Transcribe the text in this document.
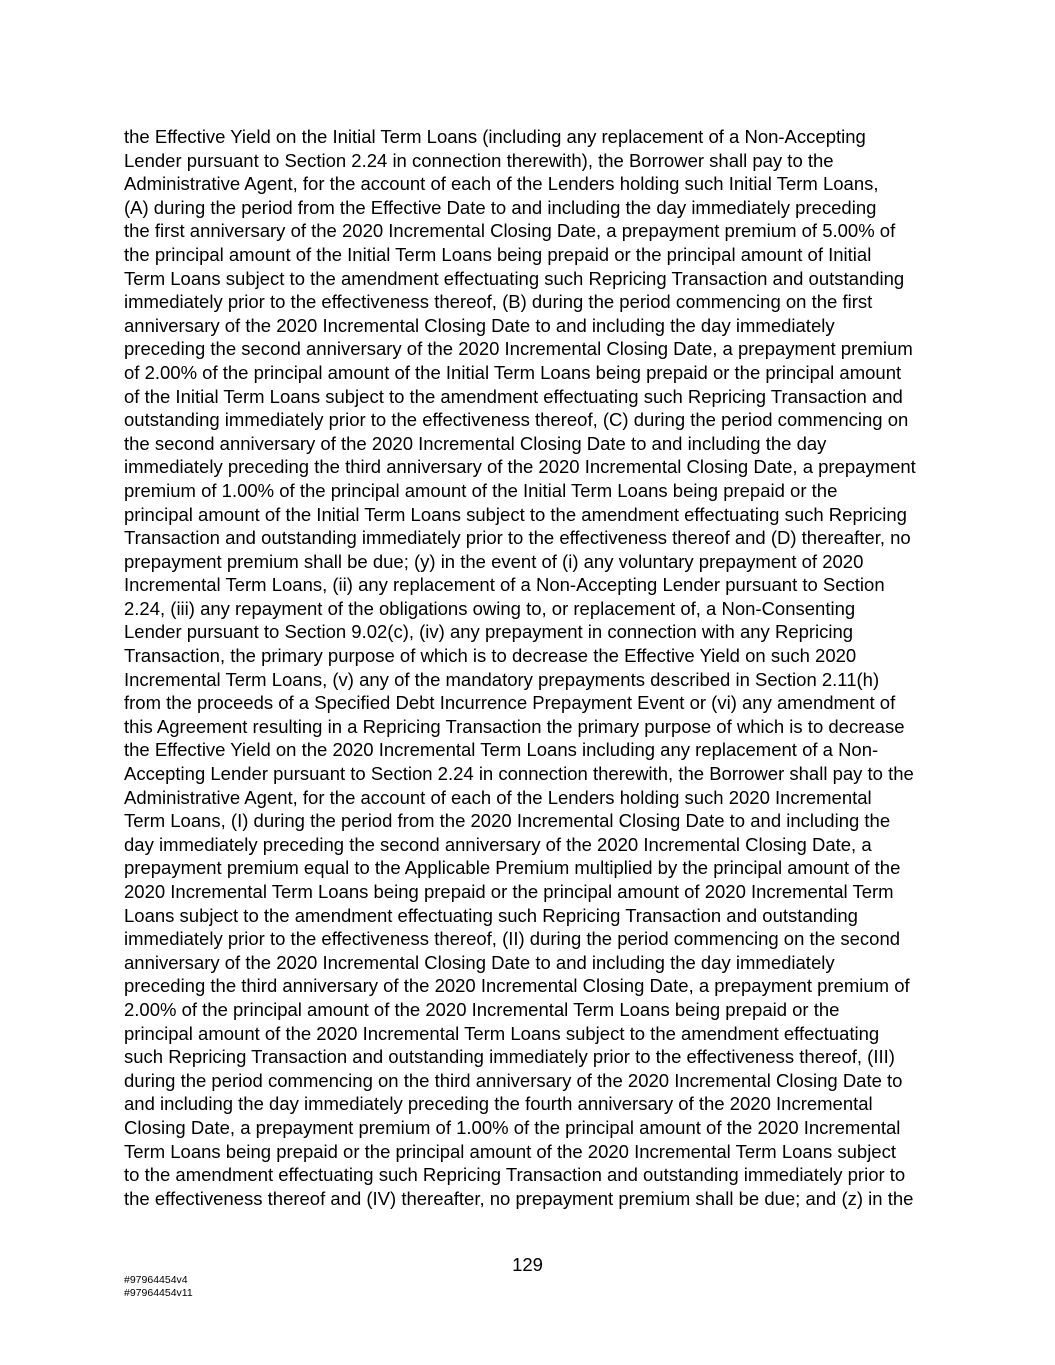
the Effective Yield on the Initial Term Loans (including any replacement of a Non-Accepting
Lender pursuant to Section 2.24 in connection therewith), the Borrower shall pay to the
Administrative Agent, for the account of each of the Lenders holding such Initial Term Loans,
(A) during the period from the Effective Date to and including the day immediately preceding
the first anniversary of the 2020 Incremental Closing Date, a prepayment premium of 5.00% of
the principal amount of the Initial Term Loans being prepaid or the principal amount of Initial
Term Loans subject to the amendment effectuating such Repricing Transaction and outstanding
immediately prior to the effectiveness thereof, (B) during the period commencing on the first
anniversary of the 2020 Incremental Closing Date to and including the day immediately
preceding the second anniversary of the 2020 Incremental Closing Date, a prepayment premium
of 2.00% of the principal amount of the Initial Term Loans being prepaid or the principal amount
of the Initial Term Loans subject to the amendment effectuating such Repricing Transaction and
outstanding immediately prior to the effectiveness thereof, (C) during the period commencing on
the second anniversary of the 2020 Incremental Closing Date to and including the day
immediately preceding the third anniversary of the 2020 Incremental Closing Date, a prepayment
premium of 1.00% of the principal amount of the Initial Term Loans being prepaid or the
principal amount of the Initial Term Loans subject to the amendment effectuating such Repricing
Transaction and outstanding immediately prior to the effectiveness thereof and (D) thereafter, no
prepayment premium shall be due; (y) in the event of (i) any voluntary prepayment of 2020
Incremental Term Loans, (ii) any replacement of a Non-Accepting Lender pursuant to Section
2.24, (iii) any repayment of the obligations owing to, or replacement of, a Non-Consenting
Lender pursuant to Section 9.02(c), (iv) any prepayment in connection with any Repricing
Transaction, the primary purpose of which is to decrease the Effective Yield on such 2020
Incremental Term Loans, (v) any of the mandatory prepayments described in Section 2.11(h)
from the proceeds of a Specified Debt Incurrence Prepayment Event or (vi) any amendment of
this Agreement resulting in a Repricing Transaction the primary purpose of which is to decrease
the Effective Yield on the 2020 Incremental Term Loans including any replacement of a Non-
Accepting Lender pursuant to Section 2.24 in connection therewith, the Borrower shall pay to the
Administrative Agent, for the account of each of the Lenders holding such 2020 Incremental
Term Loans, (I) during the period from the 2020 Incremental Closing Date to and including the
day immediately preceding the second anniversary of the 2020 Incremental Closing Date, a
prepayment premium equal to the Applicable Premium multiplied by the principal amount of the
2020 Incremental Term Loans being prepaid or the principal amount of 2020 Incremental Term
Loans subject to the amendment effectuating such Repricing Transaction and outstanding
immediately prior to the effectiveness thereof, (II) during the period commencing on the second
anniversary of the 2020 Incremental Closing Date to and including the day immediately
preceding the third anniversary of the 2020 Incremental Closing Date, a prepayment premium of
2.00% of the principal amount of the 2020 Incremental Term Loans being prepaid or the
principal amount of the 2020 Incremental Term Loans subject to the amendment effectuating
such Repricing Transaction and outstanding immediately prior to the effectiveness thereof, (III)
during the period commencing on the third anniversary of the 2020 Incremental Closing Date to
and including the day immediately preceding the fourth anniversary of the 2020 Incremental
Closing Date, a prepayment premium of 1.00% of the principal amount of the 2020 Incremental
Term Loans being prepaid or the principal amount of the 2020 Incremental Term Loans subject
to the amendment effectuating such Repricing Transaction and outstanding immediately prior to
the effectiveness thereof and (IV) thereafter, no prepayment premium shall be due; and (z) in the
129
#97964454v4
#97964454v11
